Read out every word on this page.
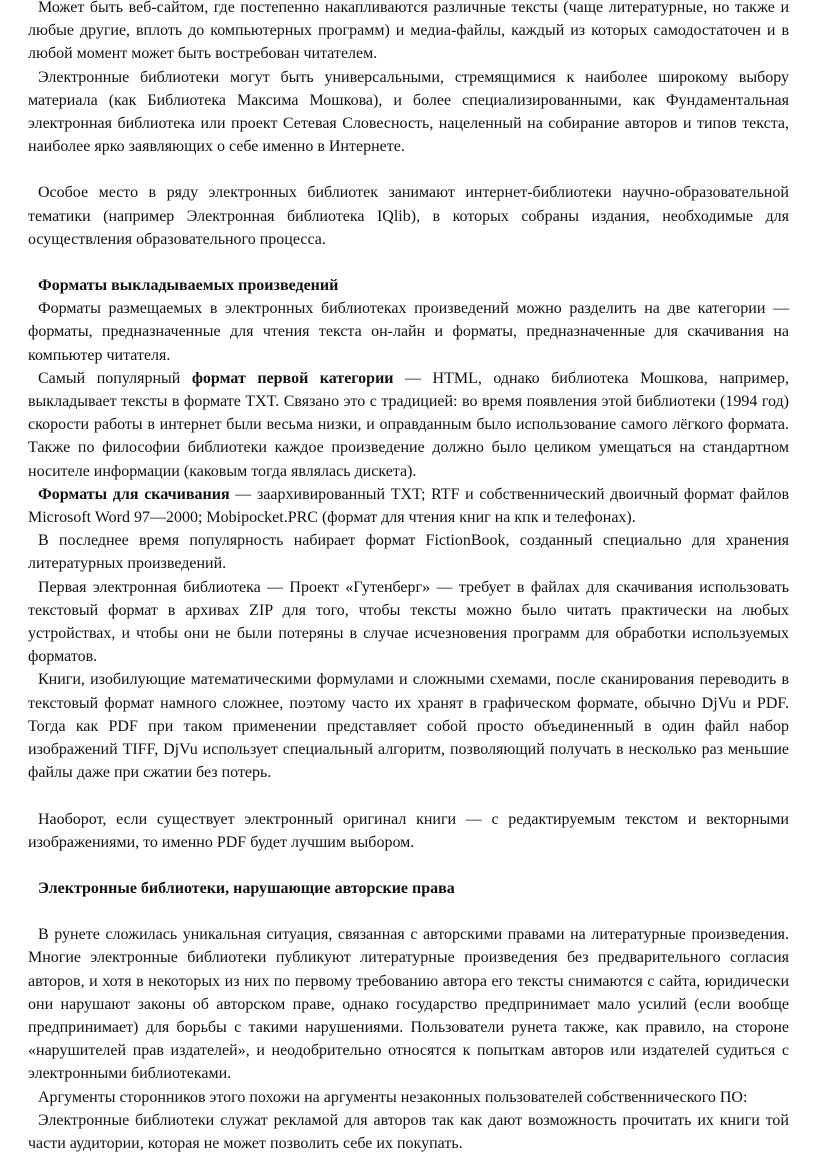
Может быть веб-сайтом, где постепенно накапливаются различные тексты (чаще литературные, но также и любые другие, вплоть до компьютерных программ) и медиа-файлы, каждый из которых самодостаточен и в любой момент может быть востребован читателем.

Электронные библиотеки могут быть универсальными, стремящимися к наиболее широкому выбору материала (как Библиотека Максима Мошкова), и более специализированными, как Фундаментальная электронная библиотека или проект Сетевая Словесность, нацеленный на собирание авторов и типов текста, наиболее ярко заявляющих о себе именно в Интернете.

Особое место в ряду электронных библиотек занимают интернет-библиотеки научно-образовательной тематики (например Электронная библиотека IQlib), в которых собраны издания, необходимые для осуществления образовательного процесса.

Форматы выкладываемых произведений

Форматы размещаемых в электронных библиотеках произведений можно разделить на две категории — форматы, предназначенные для чтения текста он-лайн и форматы, предназначенные для скачивания на компьютер читателя.

Самый популярный формат первой категории — HTML, однако библиотека Мошкова, например, выкладывает тексты в формате TXT. Связано это с традицией: во время появления этой библиотеки (1994 год) скорости работы в интернет были весьма низки, и оправданным было использование самого лёгкого формата. Также по философии библиотеки каждое произведение должно было целиком умещаться на стандартном носителе информации (каковым тогда являлась дискета).

Форматы для скачивания — заархивированный TXT; RTF и собственнический двоичный формат файлов Microsoft Word 97—2000; Mobipocket.PRC (формат для чтения книг на кпк и телефонах).

В последнее время популярность набирает формат FictionBook, созданный специально для хранения литературных произведений.

Первая электронная библиотека — Проект «Гутенберг» — требует в файлах для скачивания использовать текстовый формат в архивах ZIP для того, чтобы тексты можно было читать практически на любых устройствах, и чтобы они не были потеряны в случае исчезновения программ для обработки используемых форматов.

Книги, изобилующие математическими формулами и сложными схемами, после сканирования переводить в текстовый формат намного сложнее, поэтому часто их хранят в графическом формате, обычно DjVu и PDF. Тогда как PDF при таком применении представляет собой просто объединенный в один файл набор изображений TIFF, DjVu использует специальный алгоритм, позволяющий получать в несколько раз меньшие файлы даже при сжатии без потерь.

Наоборот, если существует электронный оригинал книги — с редактируемым текстом и векторными изображениями, то именно PDF будет лучшим выбором.

Электронные библиотеки, нарушающие авторские права

В рунете сложилась уникальная ситуация, связанная с авторскими правами на литературные произведения. Многие электронные библиотеки публикуют литературные произведения без предварительного согласия авторов, и хотя в некоторых из них по первому требованию автора его тексты снимаются с сайта, юридически они нарушают законы об авторском праве, однако государство предпринимает мало усилий (если вообще предпринимает) для борьбы с такими нарушениями. Пользователи рунета также, как правило, на стороне «нарушителей прав издателей», и неодобрительно относятся к попыткам авторов или издателей судиться с электронными библиотеками.

Аргументы сторонников этого похожи на аргументы незаконных пользователей собственнического ПО:

Электронные библиотеки служат рекламой для авторов так как дают возможность прочитать их книги той части аудитории, которая не может позволить себе их покупать.
